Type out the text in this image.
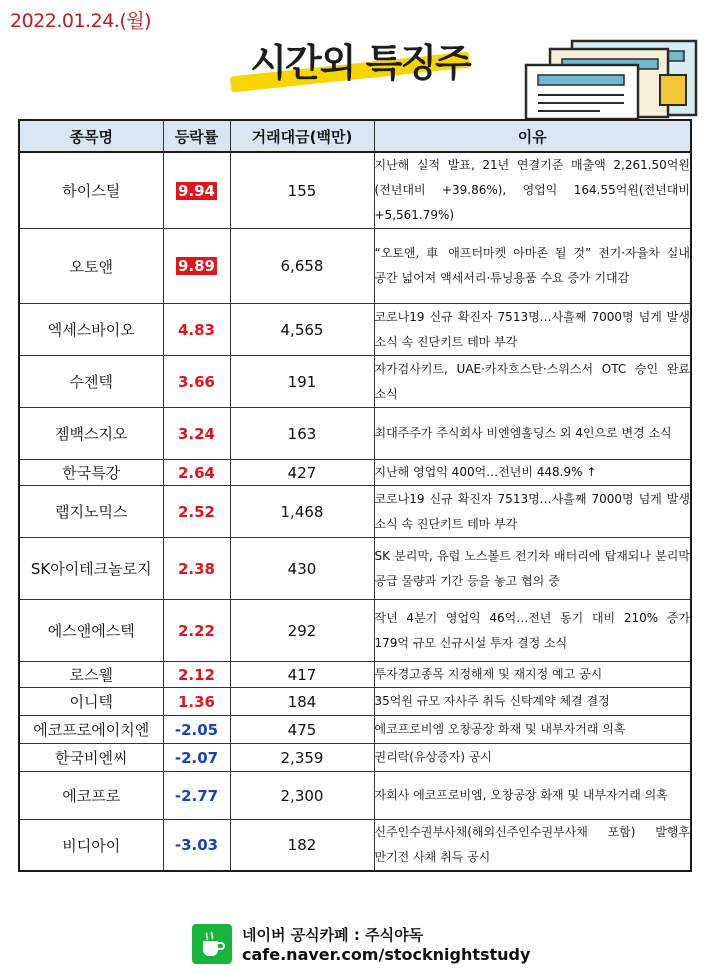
2022.01.24.(월)
시간외 특징주
종목명	등락률	거래대금(백만)	이유
하이스틸	9.94	155	지난해 실적 발표, 21년 연결기준 매출액 2,261.50억원(전년대비 +39.86%), 영업익 164.55억원(전년대비 +5,561.79%)
오토앤	9.89	6,658	“오토앤, 車 애프터마켓 아마존 될 것” 전기·자율차 실내 공간 넓어져 액세서리·튜닝용품 수요 증가 기대감
엑세스바이오	4.83	4,565	코로나19 신규 확진자 7513명…사흘째 7000명 넘게 발생 소식 속 진단키트 테마 부각
수젠텍	3.66	191	자가검사키트, UAE·카자흐스탄·스위스서 OTC 승인 완료 소식
젬백스지오	3.24	163	최대주주가 주식회사 비엔엠홀딩스 외 4인으로 변경 소식
한국특강	2.64	427	지난해 영업익 400억…전년비 448.9% ↑
랩지노믹스	2.52	1,468	코로나19 신규 확진자 7513명…사흘째 7000명 넘게 발생 소식 속 진단키트 테마 부각
SK아이테크놀로지	2.38	430	SK 분리막, 유럽 노스볼트 전기차 배터리에 탑재되나 분리막 공급 물량과 기간 등을 놓고 협의 중
에스앤에스텍	2.22	292	작년 4분기 영업익 46억…전년 동기 대비 210% 증가 179억 규모 신규시설 투자 결정 소식
로스웰	2.12	417	투자경고종목 지정해제 및 재지정 예고 공시
이니텍	1.36	184	35억원 규모 자사주 취득 신탁계약 체결 결정
에코프로에이치엔	-2.05	475	에코프로비엠 오창공장 화재 및 내부자거래 의혹
한국비엔씨	-2.07	2,359	권리락(유상증자) 공시
에코프로	-2.77	2,300	자회사 에코프로비엠, 오창공장 화재 및 내부자거래 의혹
비디아이	-3.03	182	신주인수권부사채(해외신주인수권부사채 포함) 발행후 만기전 사채 취득 공시
네이버 공식카페 : 주식야독
cafe.naver.com/stocknightstudy
